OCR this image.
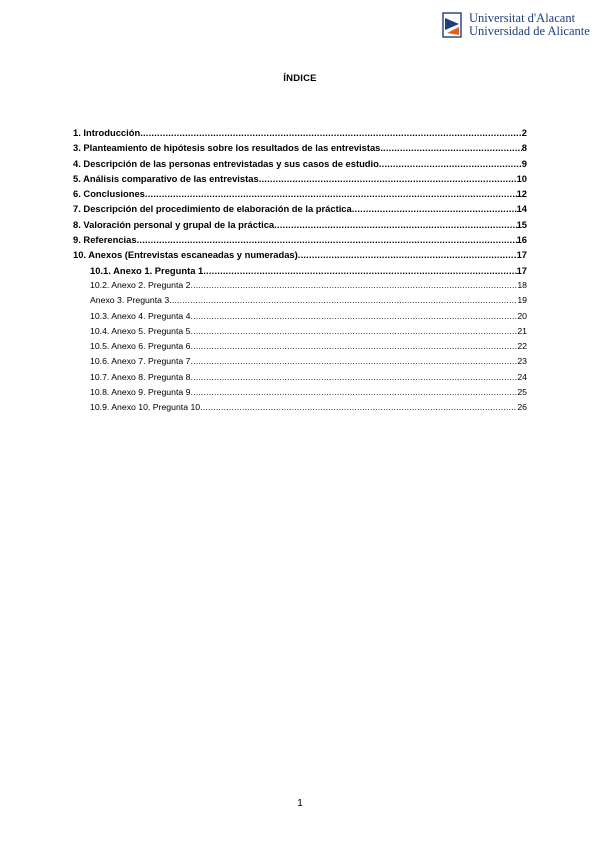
Universitat d'Alacant
Universidad de Alicante
ÍNDICE
1. Introducción .....	2
3. Planteamiento de hipótesis sobre los resultados de las entrevistas. .....	8
4. Descripción de las personas entrevistadas y sus casos de estudio .....	9
5. Análisis comparativo de las entrevistas .....	10
6. Conclusiones .....	12
7. Descripción del procedimiento de elaboración de la práctica .....	14
8. Valoración personal y grupal de la práctica .....	15
9. Referencias .....	16
10. Anexos (Entrevistas escaneadas y numeradas) .....	17
10.1. Anexo 1. Pregunta 1 .....	17
10.2. Anexo 2. Pregunta 2 .....	18
Anexo 3. Pregunta 3 .....	19
10.3. Anexo 4. Pregunta 4 .....	20
10.4. Anexo 5. Pregunta 5 .....	21
10.5. Anexo 6. Pregunta 6 .....	22
10.6. Anexo 7. Pregunta 7 .....	23
10.7. Anexo 8. Pregunta 8 .....	24
10.8. Anexo 9. Pregunta 9 .....	25
10.9. Anexo 10. Pregunta 10 .....	26
1
